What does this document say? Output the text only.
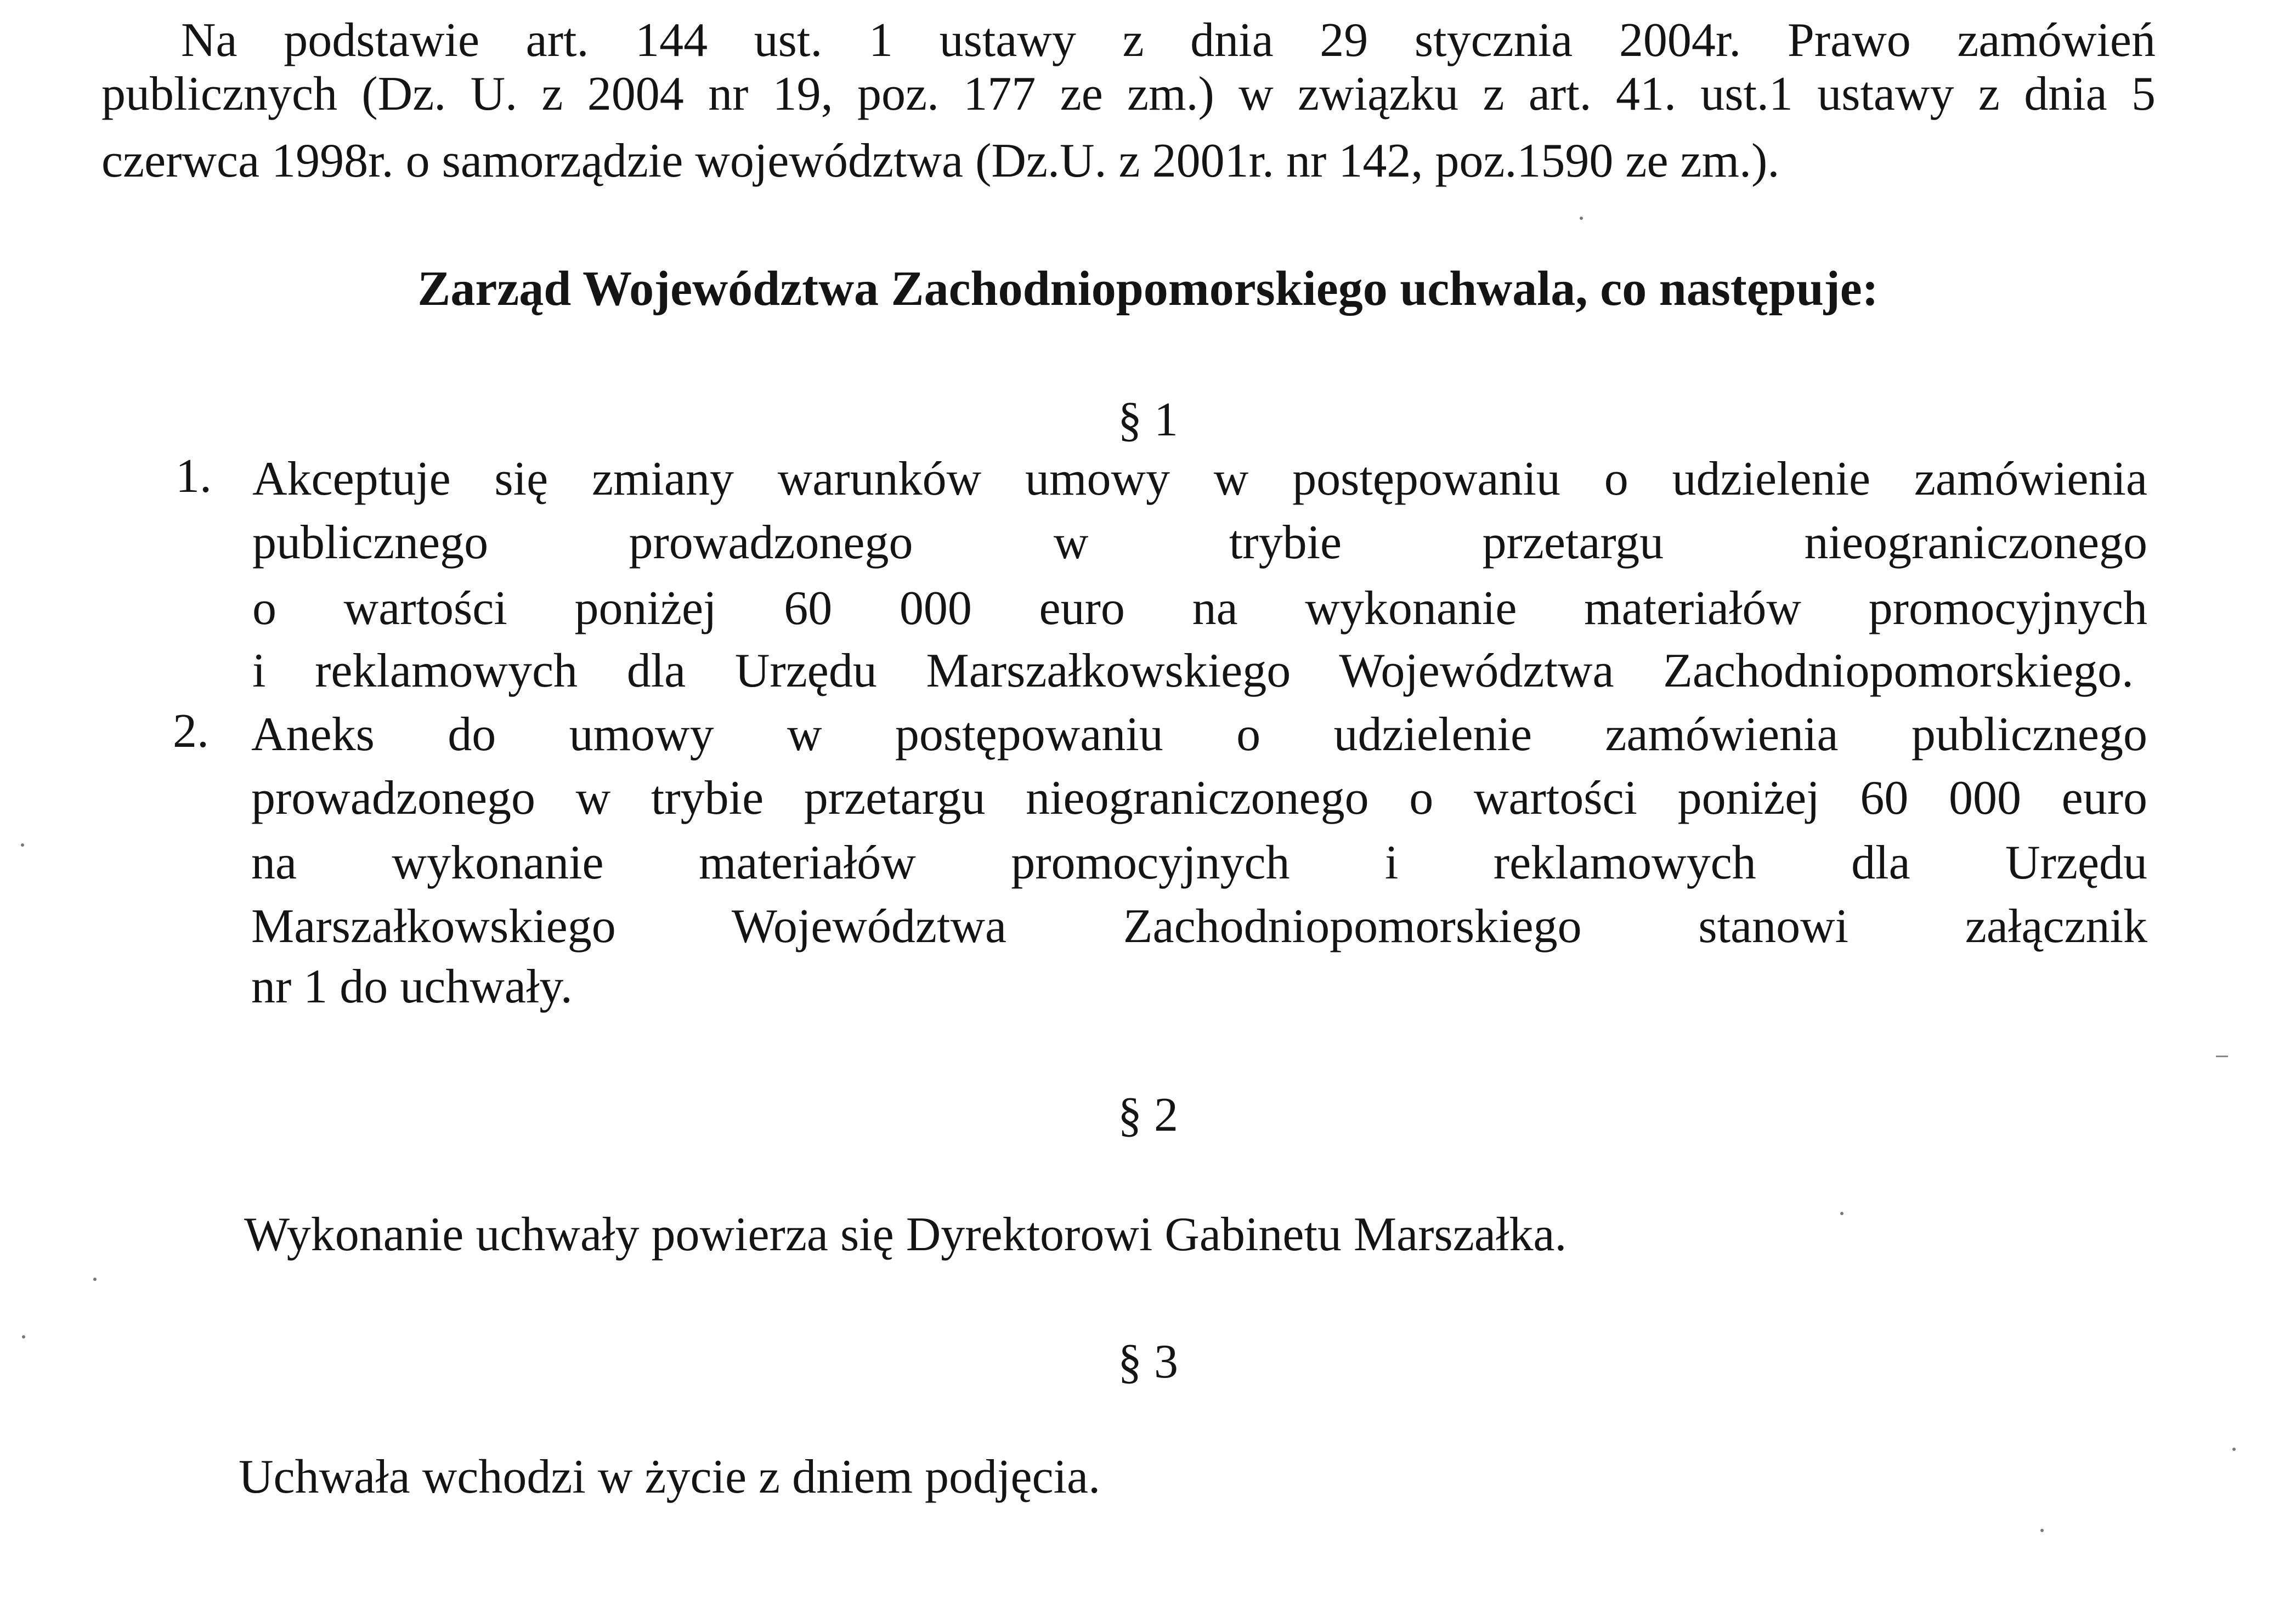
Na podstawie art. 144 ust. 1 ustawy z dnia 29 stycznia 2004r. Prawo zamówień
publicznych (Dz. U. z 2004 nr 19, poz. 177 ze zm.) w związku z art. 41. ust.1 ustawy z dnia 5
czerwca 1998r. o samorządzie województwa (Dz.U. z 2001r. nr 142, poz.1590 ze zm.).
Zarząd Województwa Zachodniopomorskiego uchwala, co następuje:
§ 1
1. Akceptuje się zmiany warunków umowy w postępowaniu o udzielenie zamówienia
publicznego prowadzonego w trybie przetargu nieograniczonego
o wartości poniżej 60 000 euro na wykonanie materiałów promocyjnych
i reklamowych dla Urzędu Marszałkowskiego Województwa Zachodniopomorskiego.
2. Aneks do umowy w postępowaniu o udzielenie zamówienia publicznego
prowadzonego w trybie przetargu nieograniczonego o wartości poniżej 60 000 euro
na wykonanie materiałów promocyjnych i reklamowych dla Urzędu
Marszałkowskiego Województwa Zachodniopomorskiego stanowi załącznik
nr 1 do uchwały.
§ 2
Wykonanie uchwały powierza się Dyrektorowi Gabinetu Marszałka.
§ 3
Uchwała wchodzi w życie z dniem podjęcia.
